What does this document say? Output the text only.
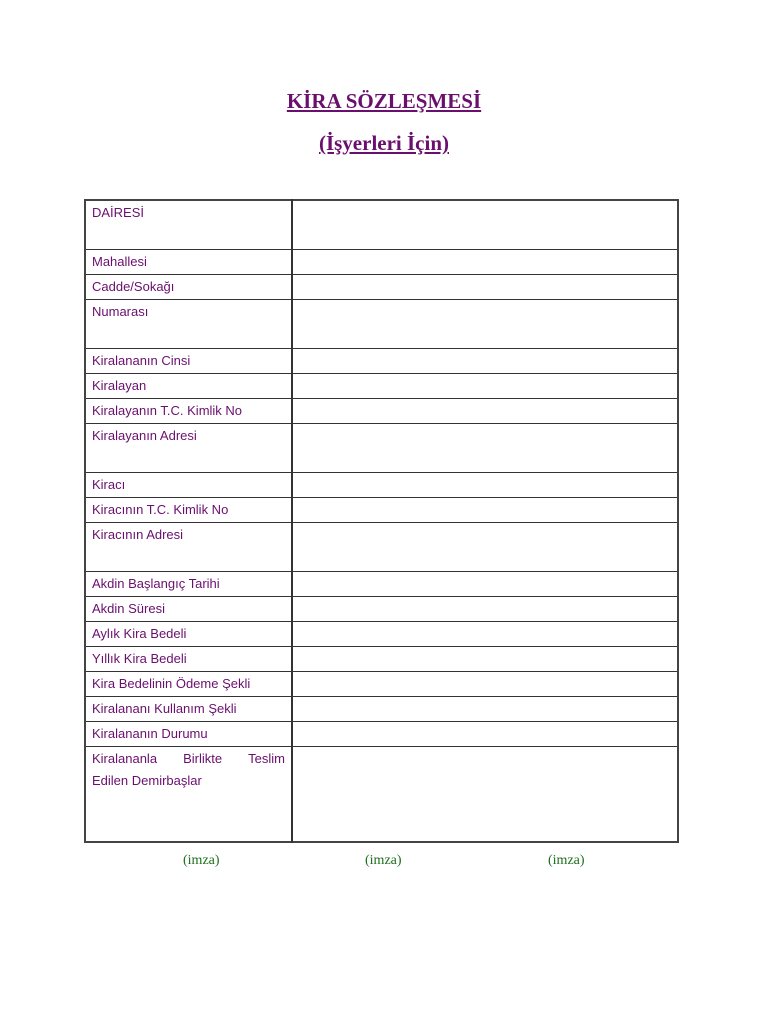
KİRA SÖZLEŞMESİ
(İşyerleri İçin)
DAİRESİ	
Mahallesi	
Cadde/Sokağı	
Numarası	
Kiralananın Cinsi	
Kiralayan	
Kiralayanın T.C. Kimlik No	
Kiralayanın Adresi	
Kiracı	
Kiracının T.C. Kimlik No	
Kiracının Adresi	
Akdin Başlangıç Tarihi	
Akdin Süresi	
Aylık Kira Bedeli	
Yıllık Kira Bedeli	
Kira Bedelinin Ödeme Şekli	
Kiralananı Kullanım Şekli	
Kiralananın Durumu	

Kiralananla Birlikte Teslim
Edilen Demirbaşlar	

(imza)	(imza)	(imza)
